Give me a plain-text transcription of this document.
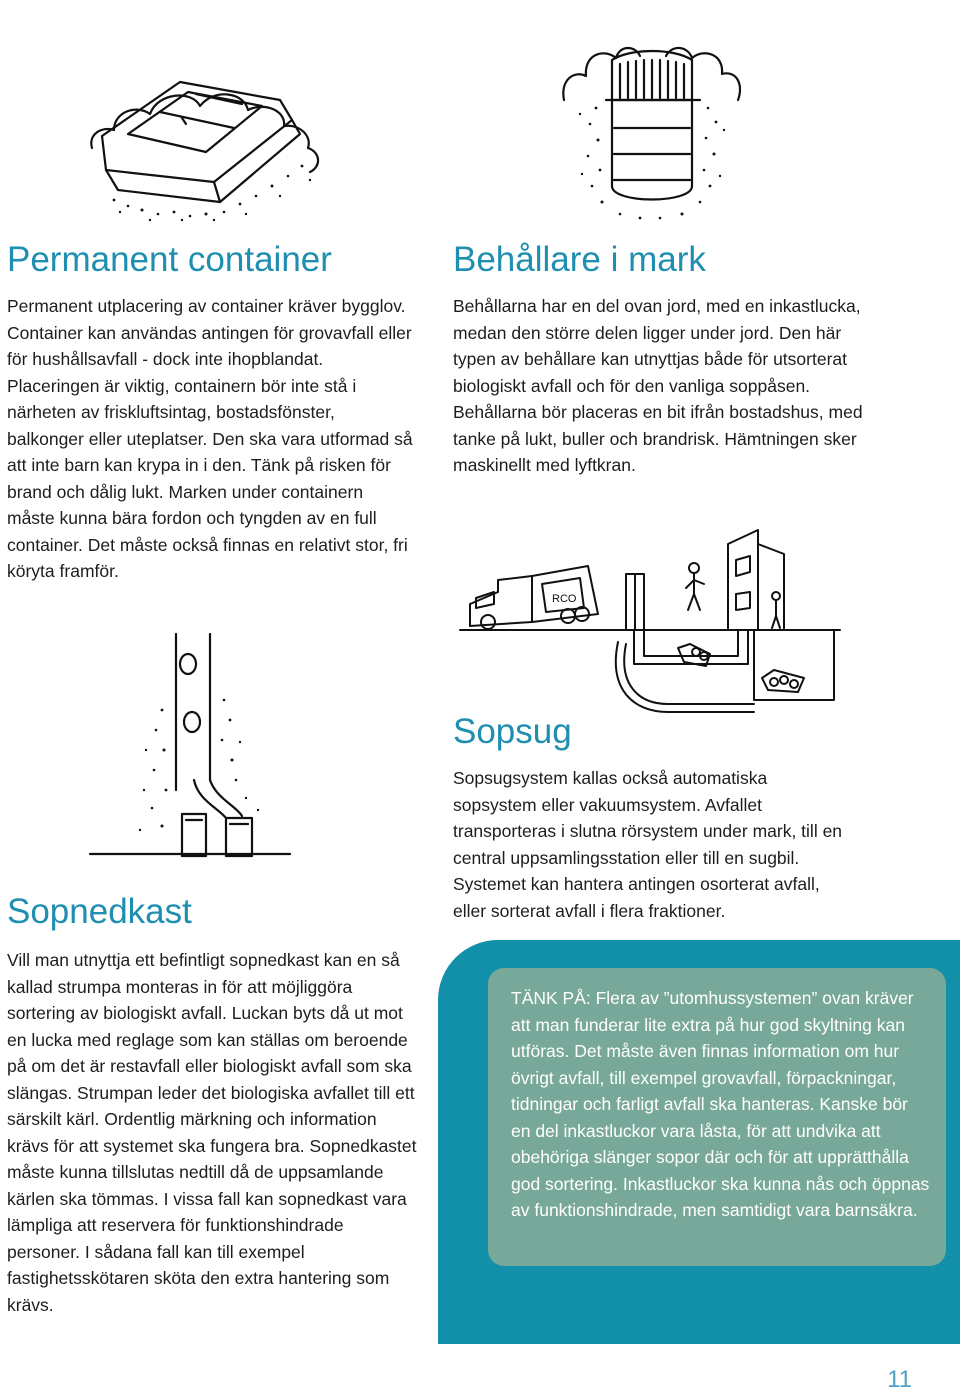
RCO
Permanent container

Permanent utplacering av container kräver bygglov. Container kan användas antingen för grovavfall eller för hushållsavfall - dock inte ihopblandat. Placeringen är viktig, containern bör inte stå i närheten av friskluftsintag, bostadsfönster, balkonger eller uteplatser. Den ska vara utformad så att inte barn kan krypa in i den. Tänk på risken för brand och dålig lukt. Marken under containern måste kunna bära fordon och tyngden av en full container. Det måste också finnas en relativt stor, fri köryta framför.

Behållare i mark

Behållarna har en del ovan jord, med en inkastlucka, medan den större delen ligger under jord. Den här typen av behållare kan utnyttjas både för utsorterat biologiskt avfall och för den vanliga soppåsen. Behållarna bör placeras en bit ifrån bostadshus, med tanke på lukt, buller och brandrisk. Hämtningen sker maskinellt med lyftkran.

Sopsug

Sopsugsystem kallas också automatiska sopsystem eller vakuumsystem. Avfallet transporteras i slutna rörsystem under mark, till en central uppsamlingsstation eller till en sugbil. Systemet kan hantera antingen osorterat avfall, eller sorterat avfall i flera fraktioner.

Sopnedkast

Vill man utnyttja ett befintligt sopnedkast kan en så kallad strumpa monteras in för att möjliggöra sortering av biologiskt avfall. Luckan byts då ut mot en lucka med reglage som kan ställas om beroende på om det är restavfall eller biologiskt avfall som ska slängas. Strumpan leder det biologiska avfallet till ett särskilt kärl. Ordentlig märkning och information krävs för att systemet ska fungera bra. Sopnedkastet måste kunna tillslutas nedtill då de uppsamlande kärlen ska tömmas. I vissa fall kan sopnedkast vara lämpliga att reservera för funktionshindrade personer. I sådana fall kan till exempel fastighetsskötaren sköta den extra hantering som krävs.

TÄNK PÅ: Flera av ”utomhussystemen” ovan kräver att man funderar lite extra på hur god skyltning kan utföras. Det måste även finnas information om hur övrigt avfall, till exempel grovavfall, förpackningar, tidningar och farligt avfall ska hanteras. Kanske bör en del inkastluckor vara låsta, för att undvika att obehöriga slänger sopor där och för att upprätthålla god sortering. Inkastluckor ska kunna nås och öppnas av funktionshindrade, men samtidigt vara barnsäkra.

11
